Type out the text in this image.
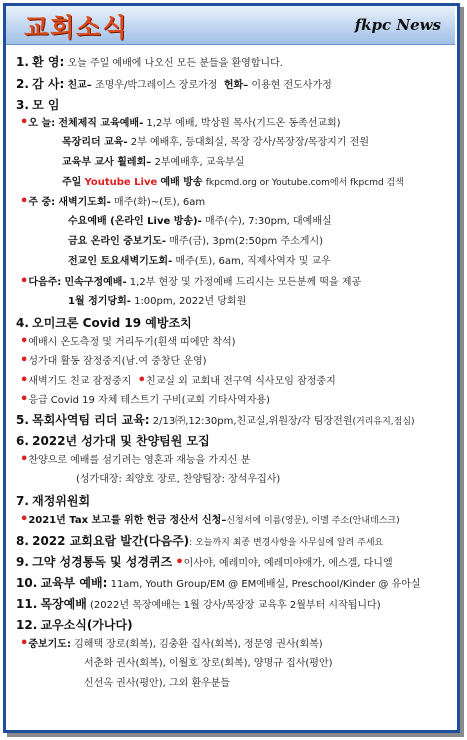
교회소식	fkpc News
1. 환 영: 오늘 주일 예배에 나오신 모든 분들을 환영합니다.
2. 감 사: 친교– 조명우/박그레이스 장로가정 헌화– 이용현 전도사가정
3. 모 임
•오 늘: 전체제직 교육예배- 1,2부 예배, 박상원 목사(기드온 동족선교회)
목장리더 교육- 2부 예배후, 등대회실, 목장 강사/목장장/목장지기 전원
교육부 교사 훨레회– 2부예배후, 교육부실
주일 Youtube Live 예배 방송 fkpcmd.org or Youtube.com에서 fkpcmd 검색
•주 중: 새벽기도회- 매주(화)~(토), 6am
수요예배 (온라인 Live 방송)- 매주(수), 7:30pm, 대예배실
금요 온라인 중보기도- 매주(금), 3pm(2:50pm 주소게시)
전교인 토요새벽기도회- 매주(토), 6am, 직제사역자 및 교우
•다음주: 민속구정예배- 1,2부 현장 및 가정예배 드리시는 모든분께 떡을 제공
1월 정기당회- 1:00pm, 2022년 당회원
4. 오미크론 Covid 19 예방조치
•예배시 온도측정 및 거리두기(흰색 띠에만 착석)
•성가대 활동 잠정중지(남.여 중창단 운영)
•새벽기도 친교 잠정중지 •친교실 외 교회내 전구역 식사모임 잠정중지
•응급 Covid 19 자체 테스트기 구비(교회 기타사역자용)
5. 목회사역팀 리더 교육: 2/13㈜,12:30pm,친교실,위원장/각 팀장전원(거리유지,점심)
6. 2022년 성가대 및 찬양팀원 모집
•찬양으로 예배를 섬기려는 영혼과 재능을 가지신 분
(성가대장: 최양호 장로, 찬양팀장: 장석우집사)
7. 재정위원회
•2021년 Tax 보고를 위한 헌금 정산서 신청–신청서에 이름(영문), 이멜 주소(안내데스크)
8. 2022 교회요람 발간(다음주): 오늘까지 최종 변경사항을 사무실에 알려 주세요
9. 그약 성경통독 및 성경퀴즈 •이사야, 예레미야, 예레미야애가, 에스겔, 다니엘
10. 교육부 예배: 11am, Youth Group/EM @ EM예배실, Preschool/Kinder @ 유아실
11. 목장예배 (2022년 목장예배는 1월 강사/목장장 교육후 2월부터 시작됩니다)
12. 교우소식(가나다)
•중보기도: 김해택 장로(회복), 김충환 집사(회복), 정문영 권사(회복)
서춘화 권사(회복), 이월호 장로(회복), 양명규 집사(평안)
신선옥 권사(평안), 그외 환우분들
